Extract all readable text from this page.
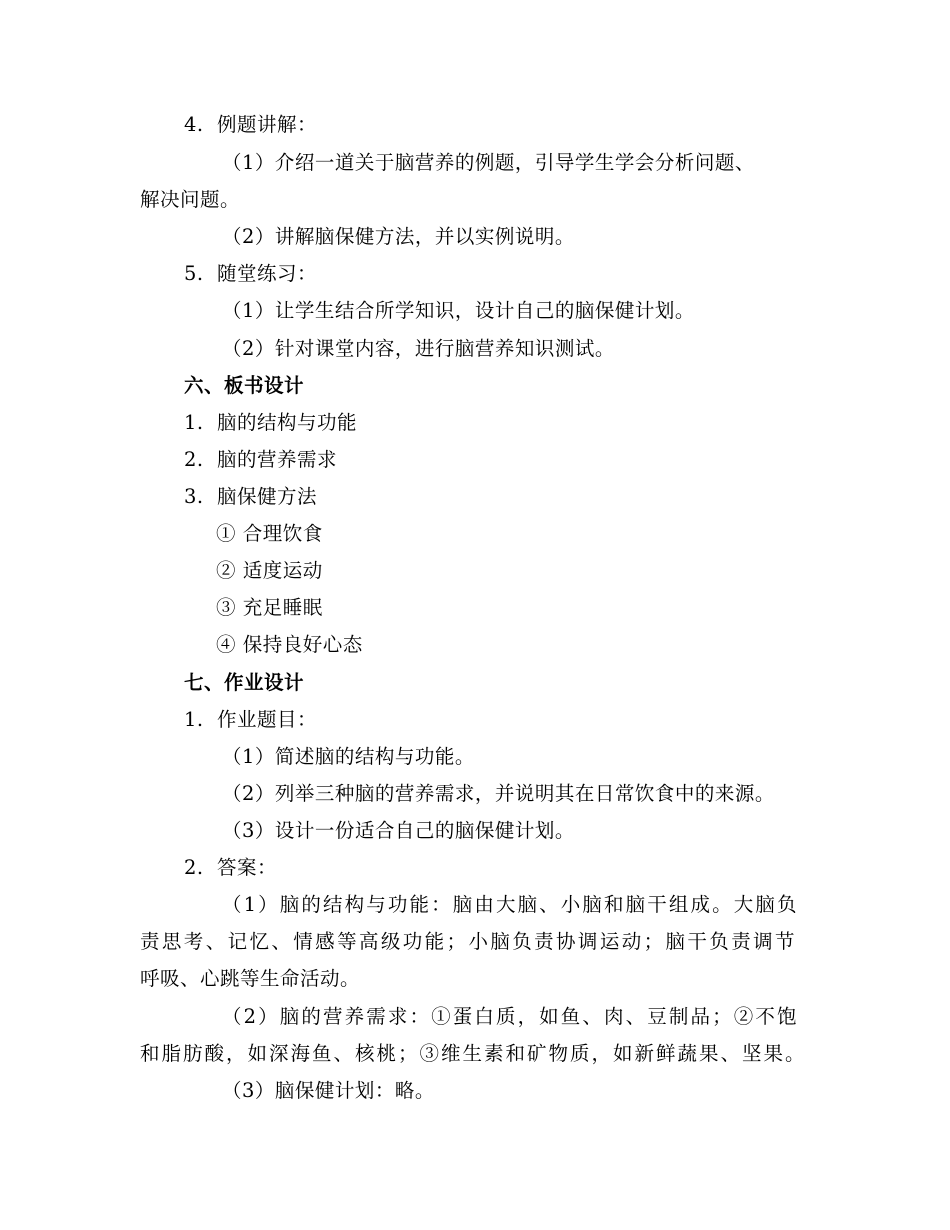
4. 例题讲解：
（1）介绍一道关于脑营养的例题，引导学生学会分析问题、
解决问题。
（2）讲解脑保健方法，并以实例说明。
5. 随堂练习：
（1）让学生结合所学知识，设计自己的脑保健计划。
（2）针对课堂内容，进行脑营养知识测试。
六、板书设计
1. 脑的结构与功能
2. 脑的营养需求
3. 脑保健方法
① 合理饮食
② 适度运动
③ 充足睡眠
④ 保持良好心态
七、作业设计
1. 作业题目：
（1）简述脑的结构与功能。
（2）列举三种脑的营养需求，并说明其在日常饮食中的来源。
（3）设计一份适合自己的脑保健计划。
2. 答案：
（1）脑的结构与功能：脑由大脑、小脑和脑干组成。大脑负
责思考、记忆、情感等高级功能；小脑负责协调运动；脑干负责调节
呼吸、心跳等生命活动。
（2）脑的营养需求：①蛋白质，如鱼、肉、豆制品；②不饱
和脂肪酸，如深海鱼、核桃；③维生素和矿物质，如新鲜蔬果、坚果。
（3）脑保健计划：略。
